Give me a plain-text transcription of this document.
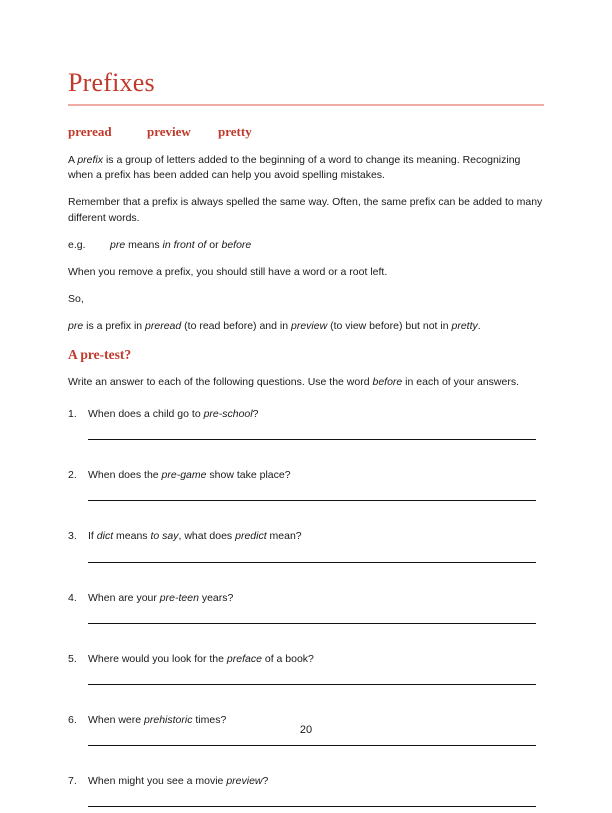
Prefixes
preread	preview	pretty

A prefix is a group of letters added to the beginning of a word to change its meaning. Recognizing when a prefix has been added can help you avoid spelling mistakes.

Remember that a prefix is always spelled the same way. Often, the same prefix can be added to many different words.

e.g.	pre means in front of or before

When you remove a prefix, you should still have a word or a root left.

So,

pre is a prefix in preread (to read before) and in preview (to view before) but not in pretty.

A pre-test?

Write an answer to each of the following questions. Use the word before in each of your answers.

1.	When does a child go to pre-school?
2.	When does the pre-game show take place?
3.	If dict means to say, what does predict mean?
4.	When are your pre-teen years?
5.	Where would you look for the preface of a book?
6.	When were prehistoric times?
7.	When might you see a movie preview?
20
